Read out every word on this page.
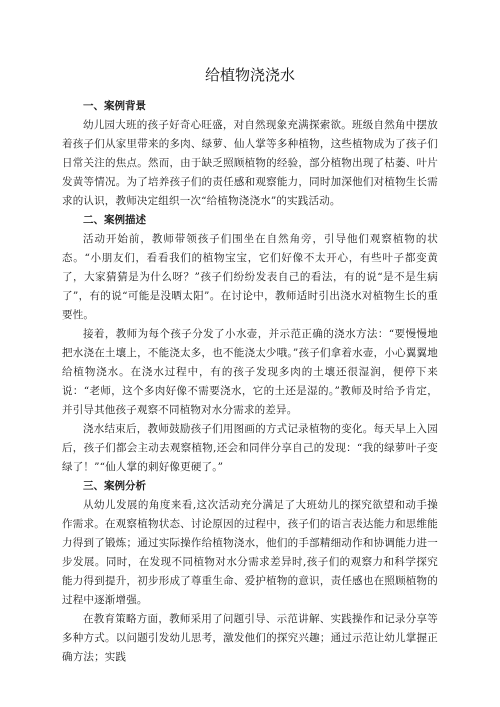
给植物浇浇水

一、案例背景

幼儿园大班的孩子好奇心旺盛，对自然现象充满探索欲。班级自然角中摆放着孩子们从家里带来的多肉、绿萝、仙人掌等多种植物，这些植物成为了孩子们日常关注的焦点。然而，由于缺乏照顾植物的经验，部分植物出现了枯萎、叶片发黄等情况。为了培养孩子们的责任感和观察能力，同时加深他们对植物生长需求的认识，教师决定组织一次“给植物浇浇水”的实践活动。

二、案例描述

活动开始前，教师带领孩子们围坐在自然角旁，引导他们观察植物的状态。“小朋友们，看看我们的植物宝宝，它们好像不太开心，有些叶子都变黄了，大家猜猜是为什么呀？”孩子们纷纷发表自己的看法，有的说“是不是生病了”，有的说“可能是没晒太阳”。在讨论中，教师适时引出浇水对植物生长的重要性。

接着，教师为每个孩子分发了小水壶，并示范正确的浇水方法：“要慢慢地把水浇在土壤上，不能浇太多，也不能浇太少哦。”孩子们拿着水壶，小心翼翼地给植物浇水。在浇水过程中，有的孩子发现多肉的土壤还很湿润，便停下来说：“老师，这个多肉好像不需要浇水，它的土还是湿的。”教师及时给予肯定，并引导其他孩子观察不同植物对水分需求的差异。

浇水结束后，教师鼓励孩子们用图画的方式记录植物的变化。每天早上入园后，孩子们都会主动去观察植物,还会和同伴分享自己的发现：“我的绿萝叶子变绿了！”“仙人掌的刺好像更硬了。”

三、案例分析

从幼儿发展的角度来看,这次活动充分满足了大班幼儿的探究欲望和动手操作需求。在观察植物状态、讨论原因的过程中，孩子们的语言表达能力和思维能力得到了锻炼；通过实际操作给植物浇水，他们的手部精细动作和协调能力进一步发展。同时，在发现不同植物对水分需求差异时,孩子们的观察力和科学探究能力得到提升，初步形成了尊重生命、爱护植物的意识，责任感也在照顾植物的过程中逐渐增强。

在教育策略方面，教师采用了问题引导、示范讲解、实践操作和记录分享等多种方式。以问题引发幼儿思考，激发他们的探究兴趣；通过示范让幼儿掌握正确方法；实践
